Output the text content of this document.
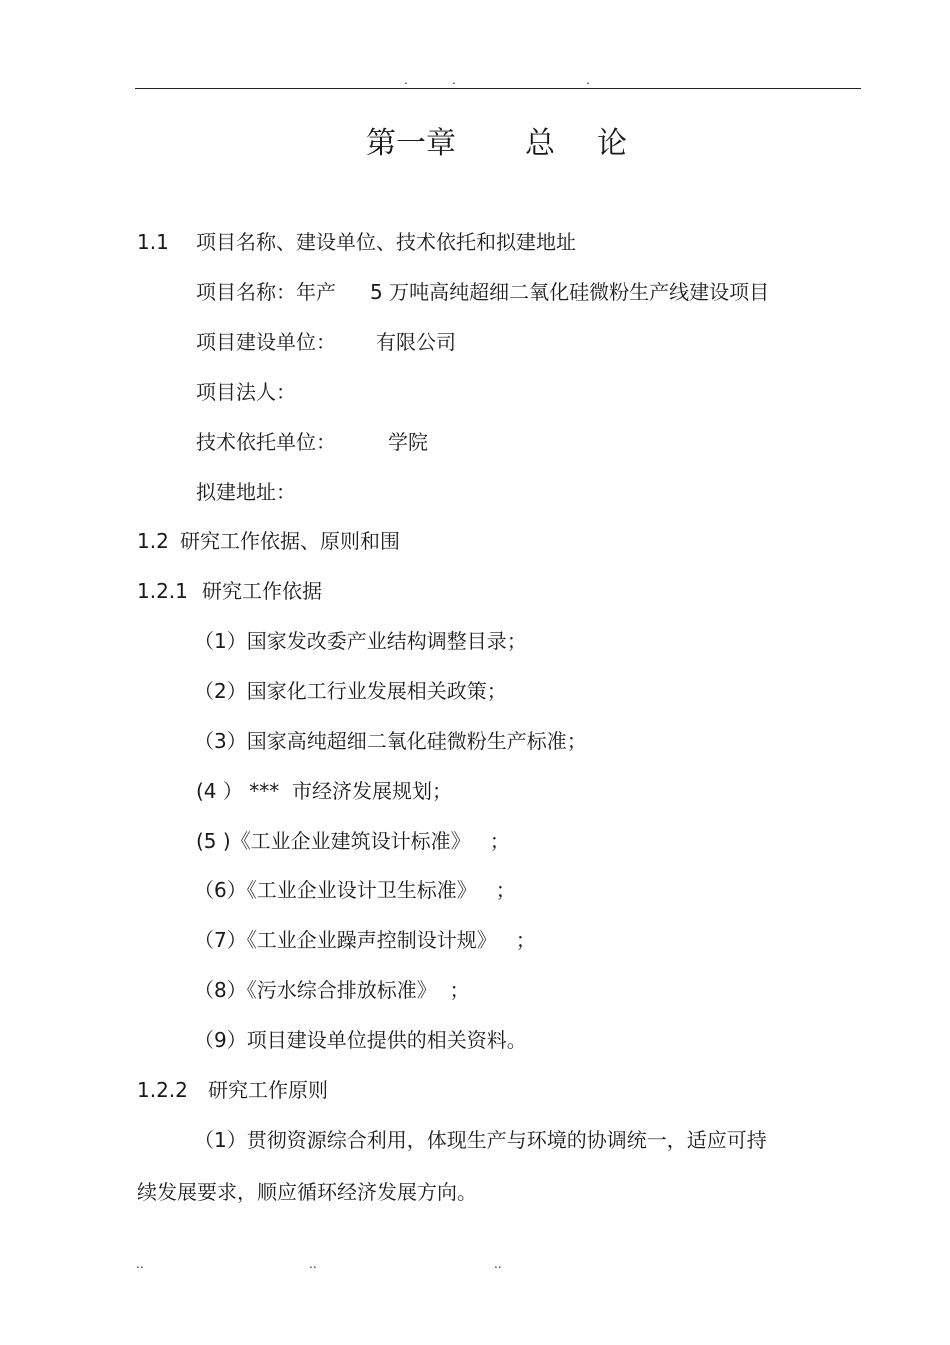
.	.	.
第一章 总 论
1.1 项目名称、建设单位、技术依托和拟建地址
项目名称：年产 5 万吨高纯超细二氧化硅微粉生产线建设项目
项目建设单位： 有限公司
项目法人：
技术依托单位：	学院
拟建地址：
1.2 研究工作依据、原则和围
1.2.1 研究工作依据
（1）国家发改委产业结构调整目录；
（2）国家化工行业发展相关政策；
（3）国家高纯超细二氧化硅微粉生产标准；
(4 ） ***  市经济发展规划；
(5 )《工业企业建筑设计标准》   ；
（6）《工业企业设计卫生标准》   ；
（7）《工业企业躁声控制设计规》   ；
（8）《污水综合排放标准》  ；
（9）项目建设单位提供的相关资料。
1.2.2 研究工作原则
（1）贯彻资源综合利用，体现生产与环境的协调统一，适应可持
续发展要求，顺应循环经济发展方向。
..	..	..
